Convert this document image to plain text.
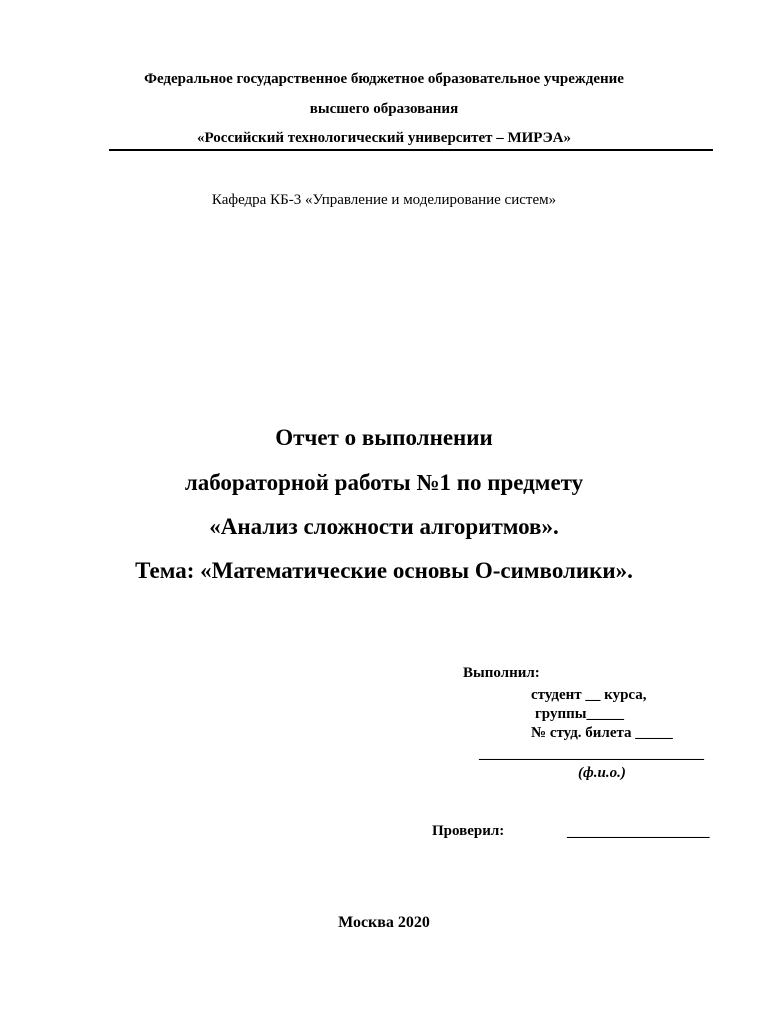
Федеральное государственное бюджетное образовательное учреждение
высшего образования
«Российский технологический университет – МИРЭА»
Кафедра КБ-3 «Управление и моделирование систем»
Отчет о выполнении
лабораторной работы №1 по предмету
«Анализ сложности алгоритмов».
Тема: «Математические основы О-символики».
Выполнил:
студент __ курса,
группы_____
№ студ. билета _____
______________________________
(ф.и.о.)
Проверил:	___________________
Москва 2020
